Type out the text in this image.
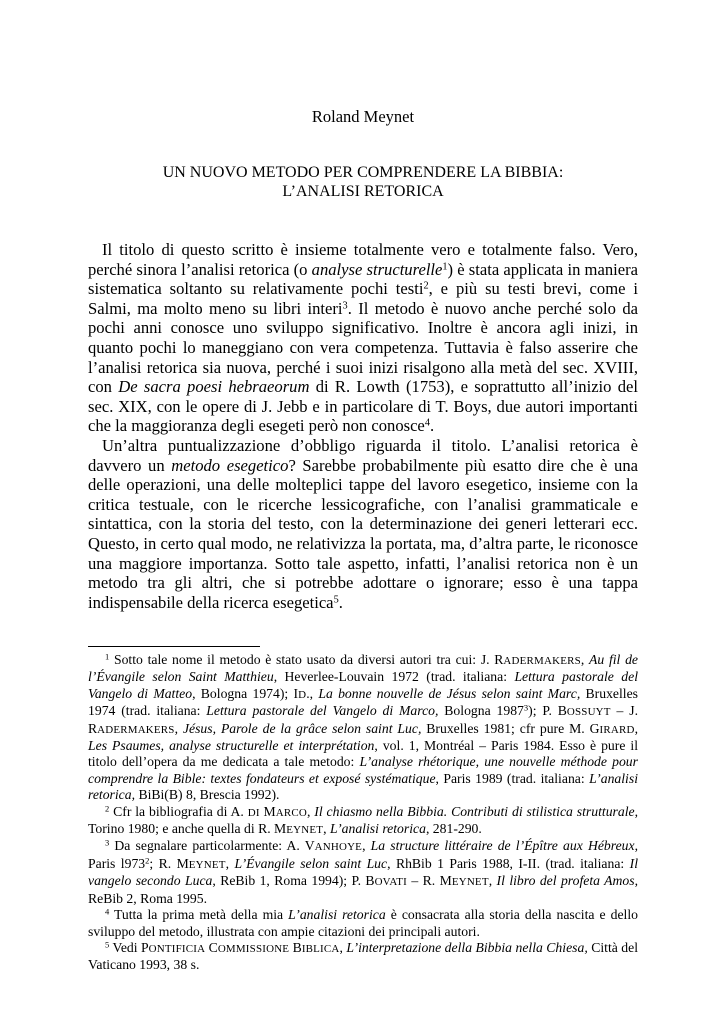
Roland Meynet
UN NUOVO METODO PER COMPRENDERE LA BIBBIA:
L’ANALISI RETORICA

Il titolo di questo scritto è insieme totalmente vero e totalmente falso. Vero, perché sinora l’analisi retorica (o analyse structurelle$^1$) è stata applicata in maniera sistematica soltanto su relativamente pochi testi$^2$, e più su testi brevi, come i Salmi, ma molto meno su libri interi$^3$. Il metodo è nuovo anche perché solo da pochi anni conosce uno sviluppo significativo. Inoltre è ancora agli inizi, in quanto pochi lo maneggiano con vera competenza. Tuttavia è falso asserire che l’analisi retorica sia nuova, perché i suoi inizi risalgono alla metà del sec. XVIII, con De sacra poesi hebraeorum di R. Lowth (1753), e soprattutto all’inizio del sec. XIX, con le opere di J. Jebb e in particolare di T. Boys, due autori importanti che la maggioranza degli esegeti però non conosce$^4$.

Un’altra puntualizzazione d’obbligo riguarda il titolo. L’analisi retorica è davvero un metodo esegetico? Sarebbe probabilmente più esatto dire che è una delle operazioni, una delle molteplici tappe del lavoro esegetico, insieme con la critica testuale, con le ricerche lessicografiche, con l’analisi grammaticale e sintattica, con la storia del testo, con la determinazione dei generi letterari ecc. Questo, in certo qual modo, ne relativizza la portata, ma, d’altra parte, le riconosce una maggiore importanza. Sotto tale aspetto, infatti, l’analisi retorica non è un metodo tra gli altri, che si potrebbe adottare o ignorare; esso è una tappa indispensabile della ricerca esegetica$^5$.

$^1$ Sotto tale nome il metodo è stato usato da diversi autori tra cui: J. RADERMAKERS, Au fil de l’Évangile selon Saint Matthieu, Heverlee-Louvain 1972 (trad. italiana: Lettura pastorale del Vangelo di Matteo, Bologna 1974); ID., La bonne nouvelle de Jésus selon saint Marc, Bruxelles 1974 (trad. italiana: Lettura pastorale del Vangelo di Marco, Bologna 1987$^3$); P. BOSSUYT – J. RADERMAKERS, Jésus, Parole de la grâce selon saint Luc, Bruxelles 1981; cfr pure M. GIRARD, Les Psaumes, analyse structurelle et interprétation, vol. 1, Montréal – Paris 1984. Esso è pure il titolo dell’opera da me dedicata a tale metodo: L’analyse rhétorique, une nouvelle méthode pour comprendre la Bible: textes fondateurs et exposé systématique, Paris 1989 (trad. italiana: L’analisi retorica, BiBi(B) 8, Brescia 1992).

$^2$ Cfr la bibliografia di A. DI MARCO, Il chiasmo nella Bibbia. Contributi di stilistica strutturale, Torino 1980; e anche quella di R. MEYNET, L’analisi retorica, 281-290.

$^3$ Da segnalare particolarmente: A. VANHOYE, La structure littéraire de l’Épître aux Hébreux, Paris $l973^2$; R. MEYNET, L’Évangile selon saint Luc, RhBib 1 Paris 1988, I-II. (trad. italiana: Il vangelo secondo Luca, ReBib 1, Roma 1994); P. BOVATI – R. MEYNET, Il libro del profeta Amos, ReBib 2, Roma 1995.

$^4$ Tutta la prima metà della mia L’analisi retorica è consacrata alla storia della nascita e dello sviluppo del metodo, illustrata con ampie citazioni dei principali autori.

$^5$ Vedi PONTIFICIA COMMISSIONE BIBLICA, L’interpretazione della Bibbia nella Chiesa, Città del Vaticano 1993, 38 s.
